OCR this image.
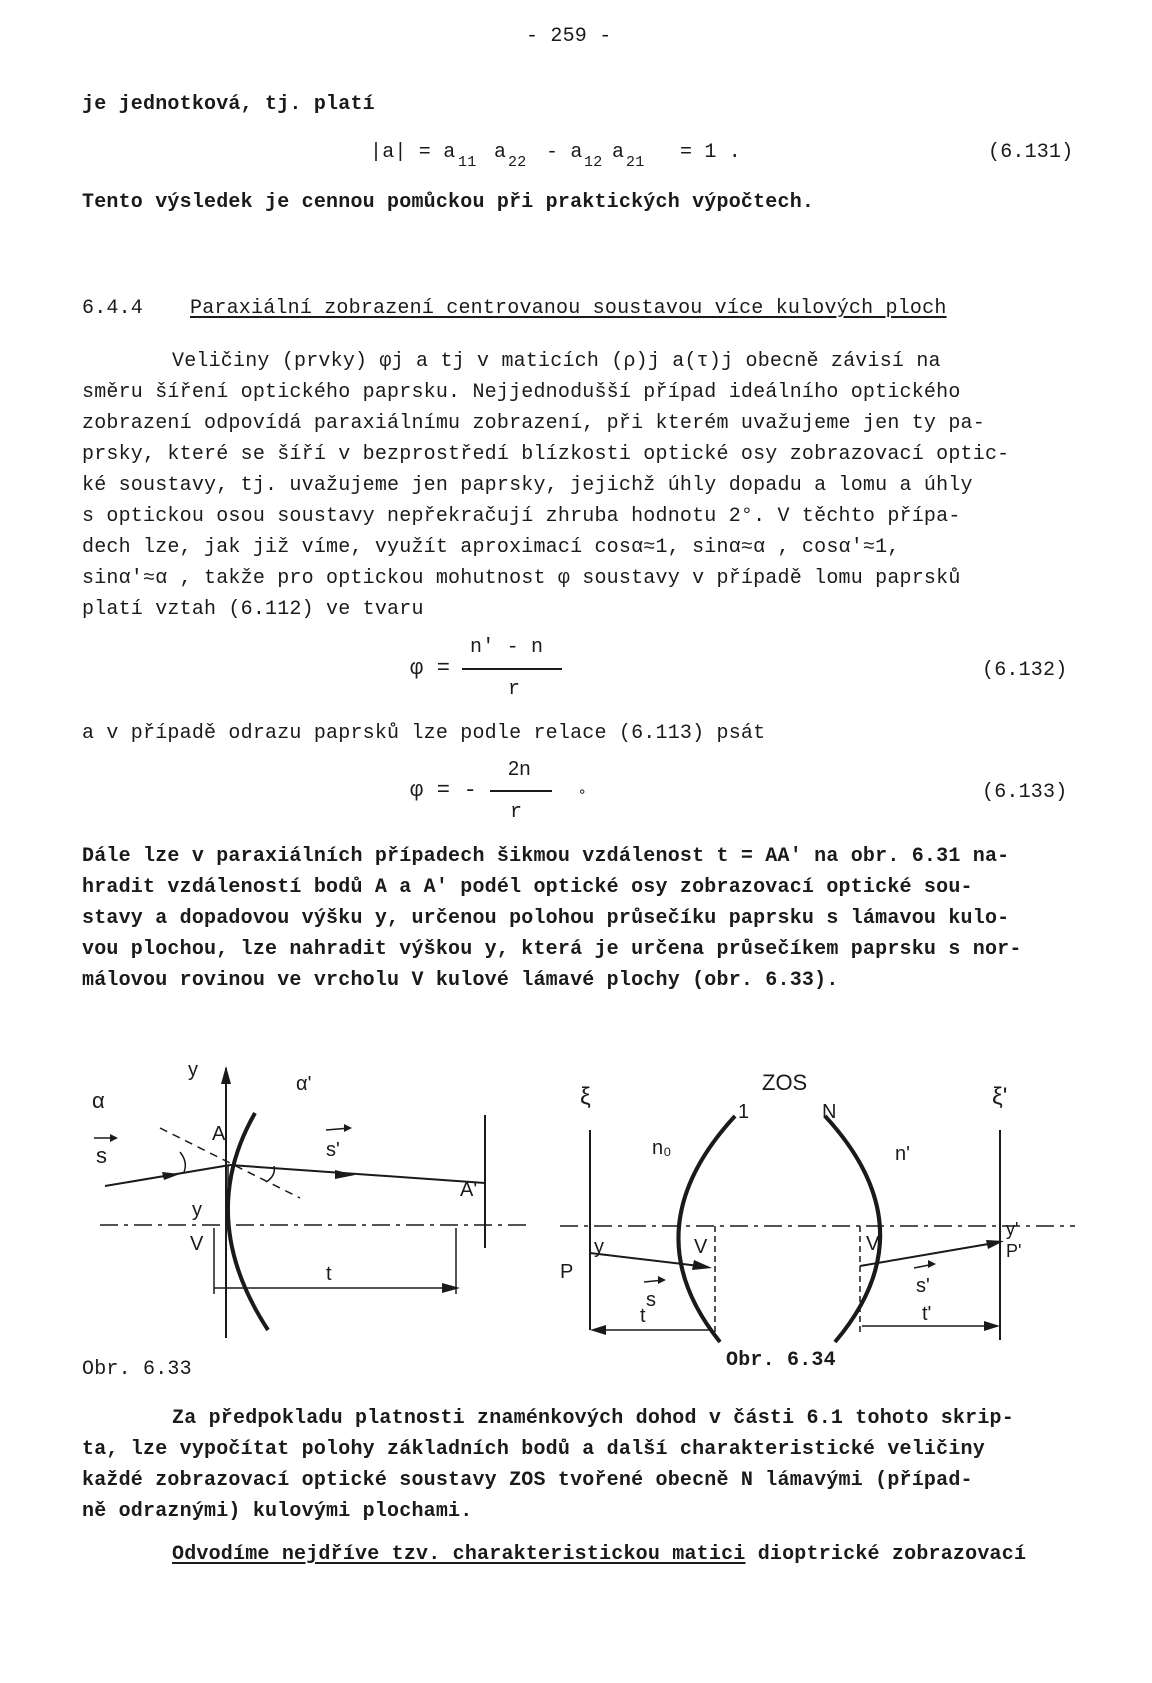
- 259 -
je jednotková, tj. platí
|a| = a 11 a 22 - a 12 a 21 = 1 .	(6.131)
Tento výsledek je cennou pomůckou při praktických výpočtech.
6.4.4 Paraxiální zobrazení centrovanou soustavou více kulových ploch
Veličiny (prvky) φj a tj v maticích (ρ)j a(τ)j obecně závisí na
směru šíření optického paprsku. Nejjednodušší případ ideálního optického
zobrazení odpovídá paraxiálnímu zobrazení, při kterém uvažujeme jen ty pa-
prsky, které se šíří v bezprostředí blízkosti optické osy zobrazovací optic-
ké soustavy, tj. uvažujeme jen paprsky, jejichž úhly dopadu a lomu a úhly
s optickou osou soustavy nepřekračují zhruba hodnotu 2°. V těchto přípa-
dech lze, jak již víme, využít aproximací cosα≈1, sinα≈α , cosα'≈1,
sinα'≈α , takže pro optickou mohutnost φ soustavy v případě lomu paprsků
platí vztah (6.112) ve tvaru
φ =
n' - n
r
(6.132)
a v případě odrazu paprsků lze podle relace (6.113) psát
φ = -
2n
r
∘	(6.133)
Dále lze v paraxiálních případech šikmou vzdálenost t = AA' na obr. 6.31 na-
hradit vzdáleností bodů A a A' podél optické osy zobrazovací optické sou-
stavy a dopadovou výšku y, určenou polohou průsečíku paprsku s lámavou kulo-
vou plochou, lze nahradit výškou y, která je určena průsečíkem paprsku s nor-
málovou rovinou ve vrcholu V kulové lámavé plochy (obr. 6.33).
y
α
s
A
α'
s'
A'
y
V
t
Obr. 6.33
ξ
ZOS
1	N
ξ'
n₀	n'
y	V	V'
y'
P
P'
s
s'
t	t'
Obr. 6.34
Za předpokladu platnosti znaménkových dohod v části 6.1 tohoto skrip-
ta, lze vypočítat polohy základních bodů a další charakteristické veličiny
každé zobrazovací optické soustavy ZOS tvořené obecně N lámavými (případ-
ně odraznými) kulovými plochami.
Odvodíme nejdříve tzv. charakteristickou matici dioptrické zobrazovací
